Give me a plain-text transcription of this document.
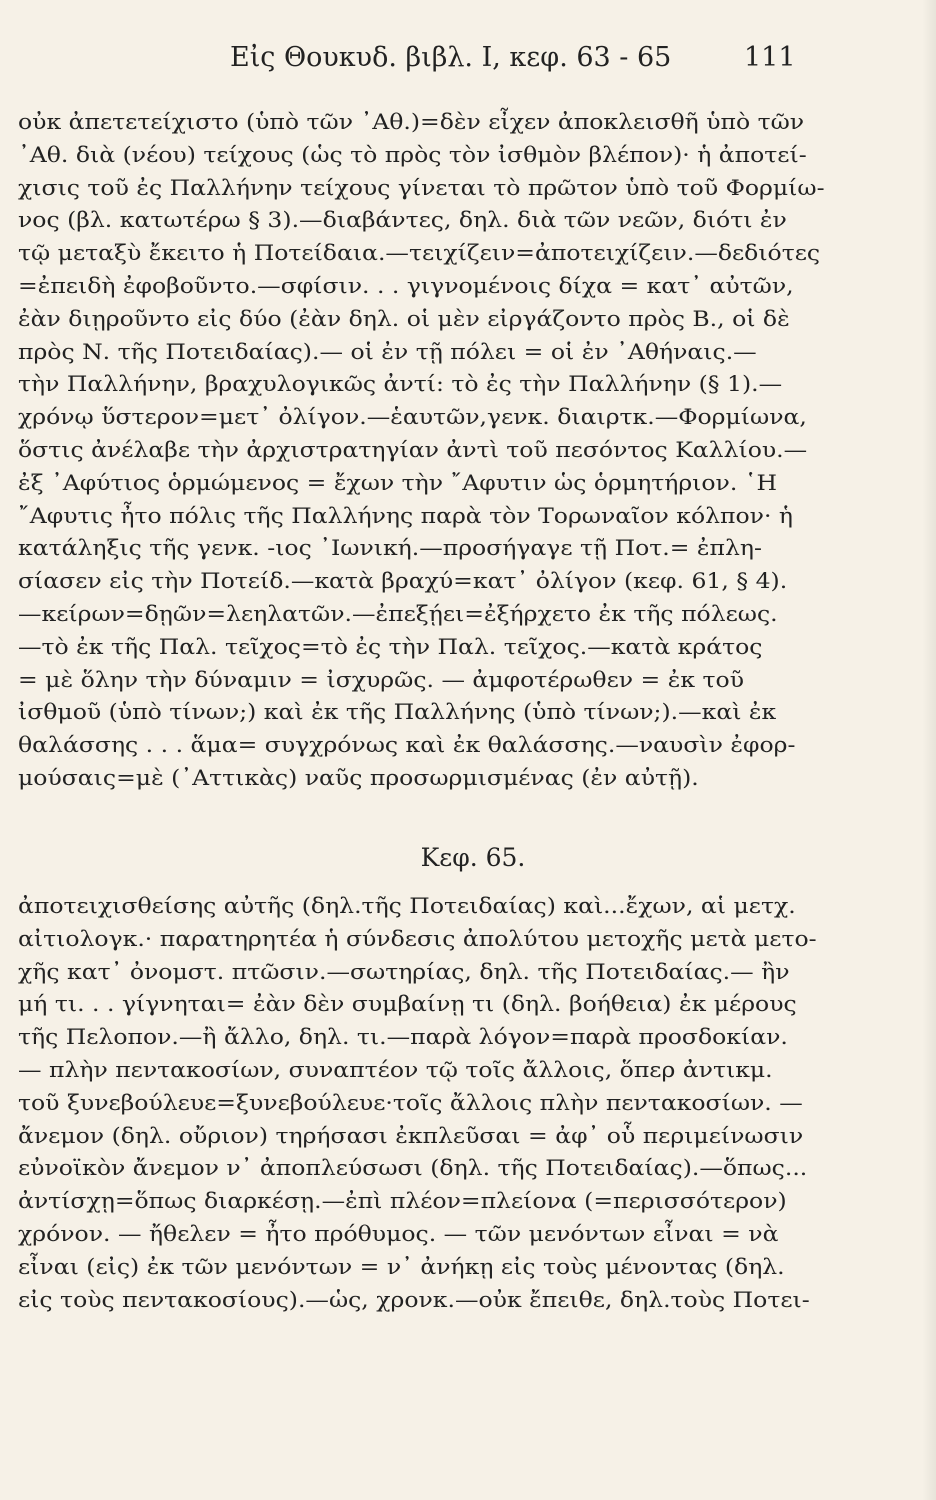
Εἰς Θουκυδ. βιβλ. Ι, κεφ. 63 - 65	111
οὐκ ἀπετετείχιστο (ὑπὸ τῶν ᾽Αθ.)=δὲν εἶχεν ἀποκλεισθῆ ὑπὸ τῶν
᾽Αθ. διὰ (νέου) τείχους (ὡς τὸ πρὸς τὸν ἰσθμὸν βλέπον)· ἡ ἀποτεί-
χισις τοῦ ἐς Παλλήνην τείχους γίνεται τὸ πρῶτον ὑπὸ τοῦ Φορμίω-
νος (βλ. κατωτέρω § 3).—διαβάντες, δηλ. διὰ τῶν νεῶν, διότι ἐν
τῷ μεταξὺ ἔκειτο ἡ Ποτείδαια.—τειχίζειν=ἀποτειχίζειν.—δεδιότες
=ἐπειδὴ ἐφοβοῦντο.—σφίσιν. . . γιγνομένοις δίχα = κατ᾽ αὐτῶν,
ἐὰν διῃροῦντο εἰς δύο (ἐὰν δηλ. οἱ μὲν εἰργάζοντο πρὸς Β., οἱ δὲ
πρὸς Ν. τῆς Ποτειδαίας).— οἱ ἐν τῇ πόλει = οἱ ἐν ᾽Αθήναις.—
τὴν Παλλήνην, βραχυλογικῶς ἀντί: τὸ ἐς τὴν Παλλήνην (§ 1).—
χρόνῳ ὕστερον=μετ᾽ ὀλίγον.—ἑαυτῶν,γενκ. διαιρτκ.—Φορμίωνα,
ὅστις ἀνέλαβε τὴν ἀρχιστρατηγίαν ἀντὶ τοῦ πεσόντος Καλλίου.—
ἐξ ᾽Αφύτιος ὁρμώμενος = ἔχων τὴν ῎Αφυτιν ὡς ὁρμητήριον. ῾Η
῎Αφυτις ἦτο πόλις τῆς Παλλήνης παρὰ τὸν Τορωναῖον κόλπον· ἡ
κατάληξις τῆς γενκ. -ιος ᾽Ιωνική.—προσήγαγε τῇ Ποτ.= ἐπλη-
σίασεν εἰς τὴν Ποτείδ.—κατὰ βραχύ=κατ᾽ ὀλίγον (κεφ. 61, § 4).
—κείρων=δῃῶν=λεηλατῶν.—ἐπεξῄει=ἐξήρχετο ἐκ τῆς πόλεως.
—τὸ ἐκ τῆς Παλ. τεῖχος=τὸ ἐς τὴν Παλ. τεῖχος.—κατὰ κράτος
= μὲ ὅλην τὴν δύναμιν = ἰσχυρῶς. — ἀμφοτέρωθεν = ἐκ τοῦ
ἰσθμοῦ (ὑπὸ τίνων;) καὶ ἐκ τῆς Παλλήνης (ὑπὸ τίνων;).—καὶ ἐκ
θαλάσσης . . . ἅμα= συγχρόνως καὶ ἐκ θαλάσσης.—ναυσὶν ἐφορ-
μούσαις=μὲ (᾽Αττικὰς) ναῦς προσωρμισμένας (ἐν αὐτῇ).
Κεφ. 65.
ἀποτειχισθείσης αὐτῆς (δηλ.τῆς Ποτειδαίας) καὶ...ἔχων, αἱ μετχ.
αἰτιολογκ.· παρατηρητέα ἡ σύνδεσις ἀπολύτου μετοχῆς μετὰ μετο-
χῆς κατ᾽ ὀνομστ. πτῶσιν.—σωτηρίας, δηλ. τῆς Ποτειδαίας.— ἢν
μή τι. . . γίγνηται= ἐὰν δὲν συμβαίνῃ τι (δηλ. βοήθεια) ἐκ μέρους
τῆς Πελοπον.—ἢ ἄλλο, δηλ. τι.—παρὰ λόγον=παρὰ προσδοκίαν.
— πλὴν πεντακοσίων, συναπτέον τῷ τοῖς ἄλλοις, ὅπερ ἀντικμ.
τοῦ ξυνεβούλευε=ξυνεβούλευε·τοῖς ἄλλοις πλὴν πεντακοσίων. —
ἄνεμον (δηλ. οὔριον) τηρήσασι ἐκπλεῦσαι = ἀφ᾽ οὗ περιμείνωσιν
εὐνοϊκὸν ἄνεμον ν᾽ ἀποπλεύσωσι (δηλ. τῆς Ποτειδαίας).—ὅπως...
ἀντίσχῃ=ὅπως διαρκέσῃ.—ἐπὶ πλέον=πλείονα (=περισσότερον)
χρόνον. — ἤθελεν = ἦτο πρόθυμος. — τῶν μενόντων εἶναι = νὰ
εἶναι (εἰς) ἐκ τῶν μενόντων = ν᾽ ἀνήκῃ εἰς τοὺς μένοντας (δηλ.
εἰς τοὺς πεντακοσίους).—ὡς, χρονκ.—οὐκ ἔπειθε, δηλ.τοὺς Ποτει-
